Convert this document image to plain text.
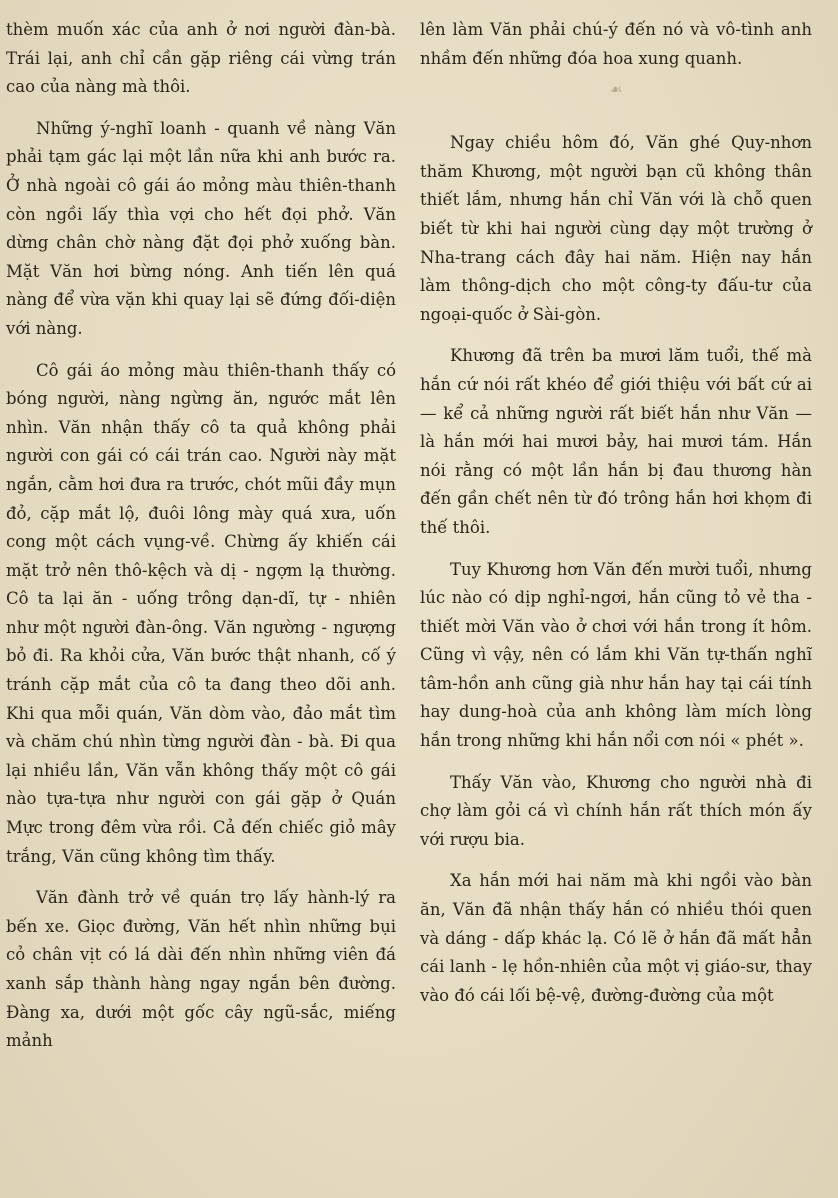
thèm muốn xác của anh ở nơi người đàn-bà. Trái lại, anh chỉ cần gặp riêng cái vừng trán cao của nàng mà thôi.

Những ý-nghĩ loanh - quanh về nàng Văn phải tạm gác lại một lần nữa khi anh bước ra. Ở nhà ngoài cô gái áo mỏng màu thiên-thanh còn ngồi lấy thìa vợi cho hết đọi phở. Văn dừng chân chờ nàng đặt đọi phở xuống bàn. Mặt Văn hơi bừng nóng. Anh tiến lên quá nàng để vừa vặn khi quay lại sẽ đứng đối-diện với nàng.

Cô gái áo mỏng màu thiên-thanh thấy có bóng người, nàng ngừng ăn, ngước mắt lên nhìn. Văn nhận thấy cô ta quả không phải người con gái có cái trán cao. Người này mặt ngắn, cằm hơi đưa ra trước, chót mũi đầy mụn đỏ, cặp mắt lộ, đuôi lông mày quá xưa, uốn cong một cách vụng-về. Chừng ấy khiến cái mặt trở nên thô-kệch và dị - ngợm lạ thường. Cô ta lại ăn - uống trông dạn-dĩ, tự - nhiên như một người đàn-ông. Văn ngường - ngượng bỏ đi. Ra khỏi cửa, Văn bước thật nhanh, cố ý tránh cặp mắt của cô ta đang theo dõi anh. Khi qua mỗi quán, Văn dòm vào, đảo mắt tìm và chăm chú nhìn từng người đàn - bà. Đi qua lại nhiều lần, Văn vẫn không thấy một cô gái nào tựa-tựa như người con gái gặp ở Quán Mực trong đêm vừa rồi. Cả đến chiếc giỏ mây trắng, Văn cũng không tìm thấy.

Văn đành trở về quán trọ lấy hành-lý ra bến xe. Giọc đường, Văn hết nhìn những bụi cỏ chân vịt có lá dài đến nhìn những viên đá xanh sắp thành hàng ngay ngắn bên đường. Đàng xa, dưới một gốc cây ngũ-sắc, miếng mảnh

lên làm Văn phải chú-ý đến nó và vô-tình anh nhầm đến những đóa hoa xung quanh.

☙

Ngay chiều hôm đó, Văn ghé Quy-nhơn thăm Khương, một người bạn cũ không thân thiết lắm, nhưng hắn chỉ Văn với là chỗ quen biết từ khi hai người cùng dạy một trường ở Nha-trang cách đây hai năm. Hiện nay hắn làm thông-dịch cho một công-ty đấu-tư của ngoại-quốc ở Sài-gòn.

Khương đã trên ba mươi lăm tuổi, thế mà hắn cứ nói rất khéo để giới thiệu với bất cứ ai — kể cả những người rất biết hắn như Văn — là hắn mới hai mươi bảy, hai mươi tám. Hắn nói rằng có một lần hắn bị đau thương hàn đến gần chết nên từ đó trông hắn hơi khọm đi thế thôi.

Tuy Khương hơn Văn đến mười tuổi, nhưng lúc nào có dịp nghỉ-ngơi, hắn cũng tỏ vẻ tha - thiết mời Văn vào ở chơi với hắn trong ít hôm. Cũng vì vậy, nên có lắm khi Văn tự-thấn nghĩ tâm-hồn anh cũng già như hắn hay tại cái tính hay dung-hoà của anh không làm mích lòng hắn trong những khi hắn nổi cơn nói « phét ».

Thấy Văn vào, Khương cho người nhà đi chợ làm gỏi cá vì chính hắn rất thích món ấy với rượu bia.

Xa hắn mới hai năm mà khi ngồi vào bàn ăn, Văn đã nhận thấy hắn có nhiều thói quen và dáng - dấp khác lạ. Có lẽ ở hắn đã mất hẳn cái lanh - lẹ hồn-nhiên của một vị giáo-sư, thay vào đó cái lối bệ-vệ, đường-đường của một
